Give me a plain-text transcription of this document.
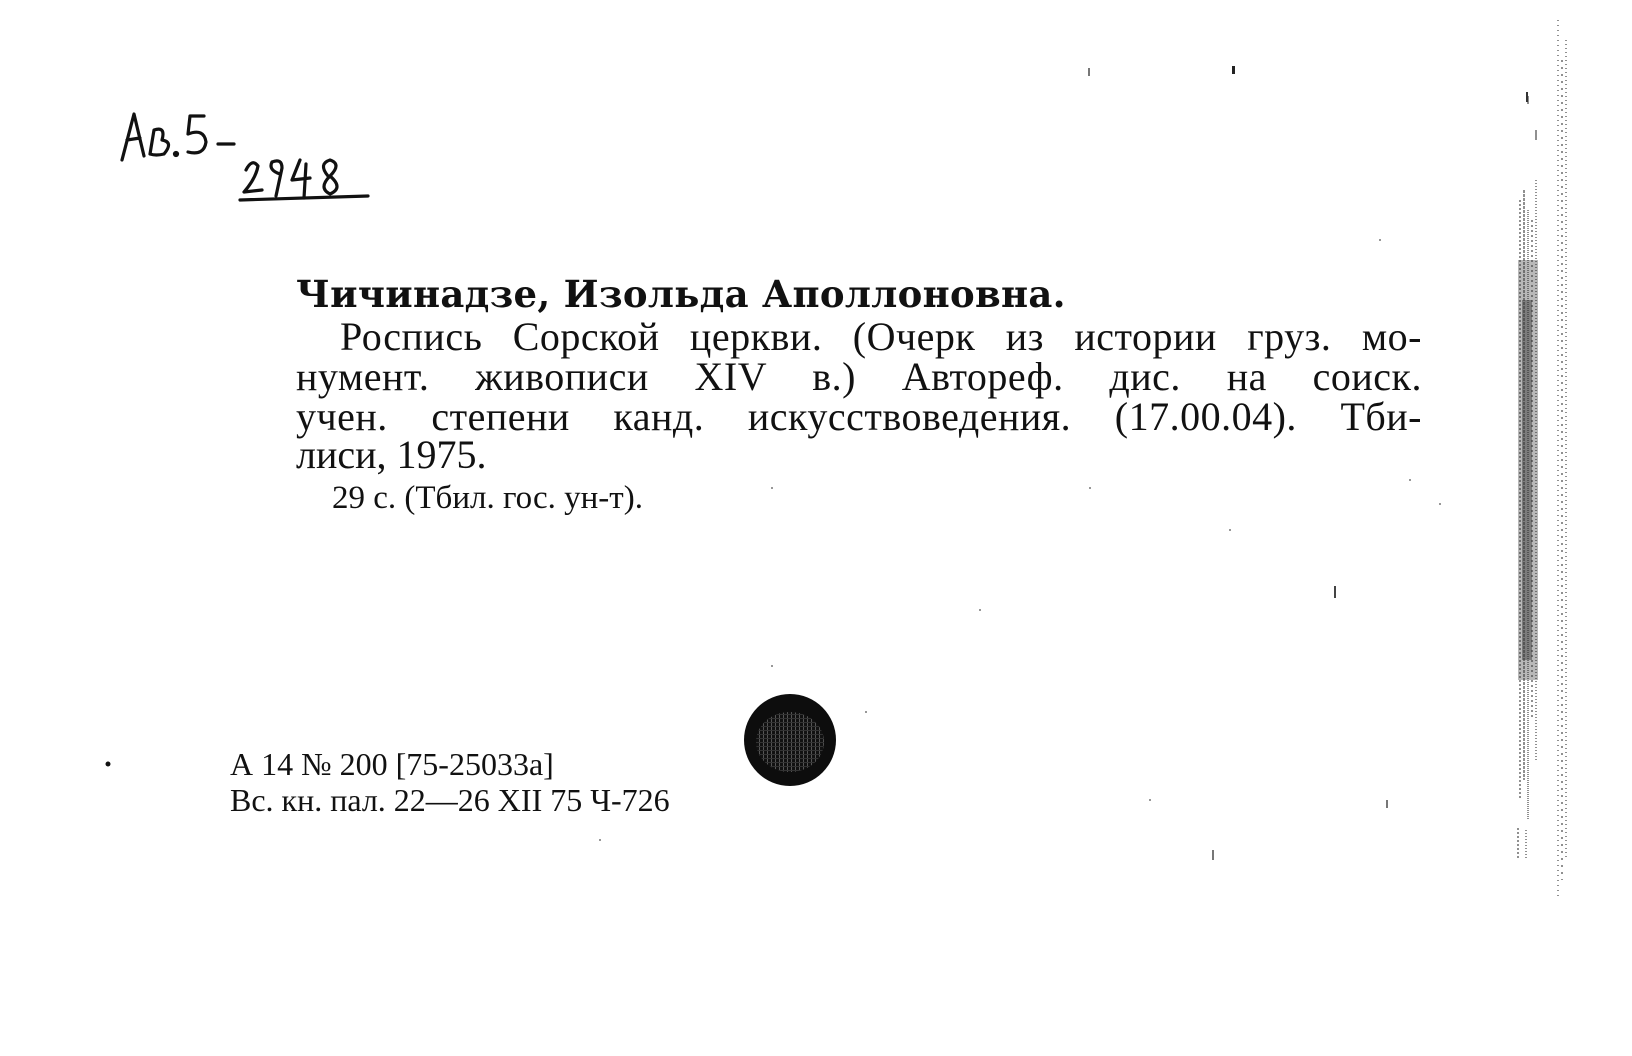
Чичинадзе, Изольда Аполлоновна.

Роспись Сорской церкви. (Очерк из истории груз. мо-

нумент. живописи XIV в.) Автореф. дис. на соиск.

учен. степени канд. искусствоведения. (17.00.04). Тби-

лиси, 1975.

29 с. (Тбил. гос. ун-т).

А 14 № 200 [75-25033а]
Вс. кн. пал. 22—26 XII 75 Ч-726
